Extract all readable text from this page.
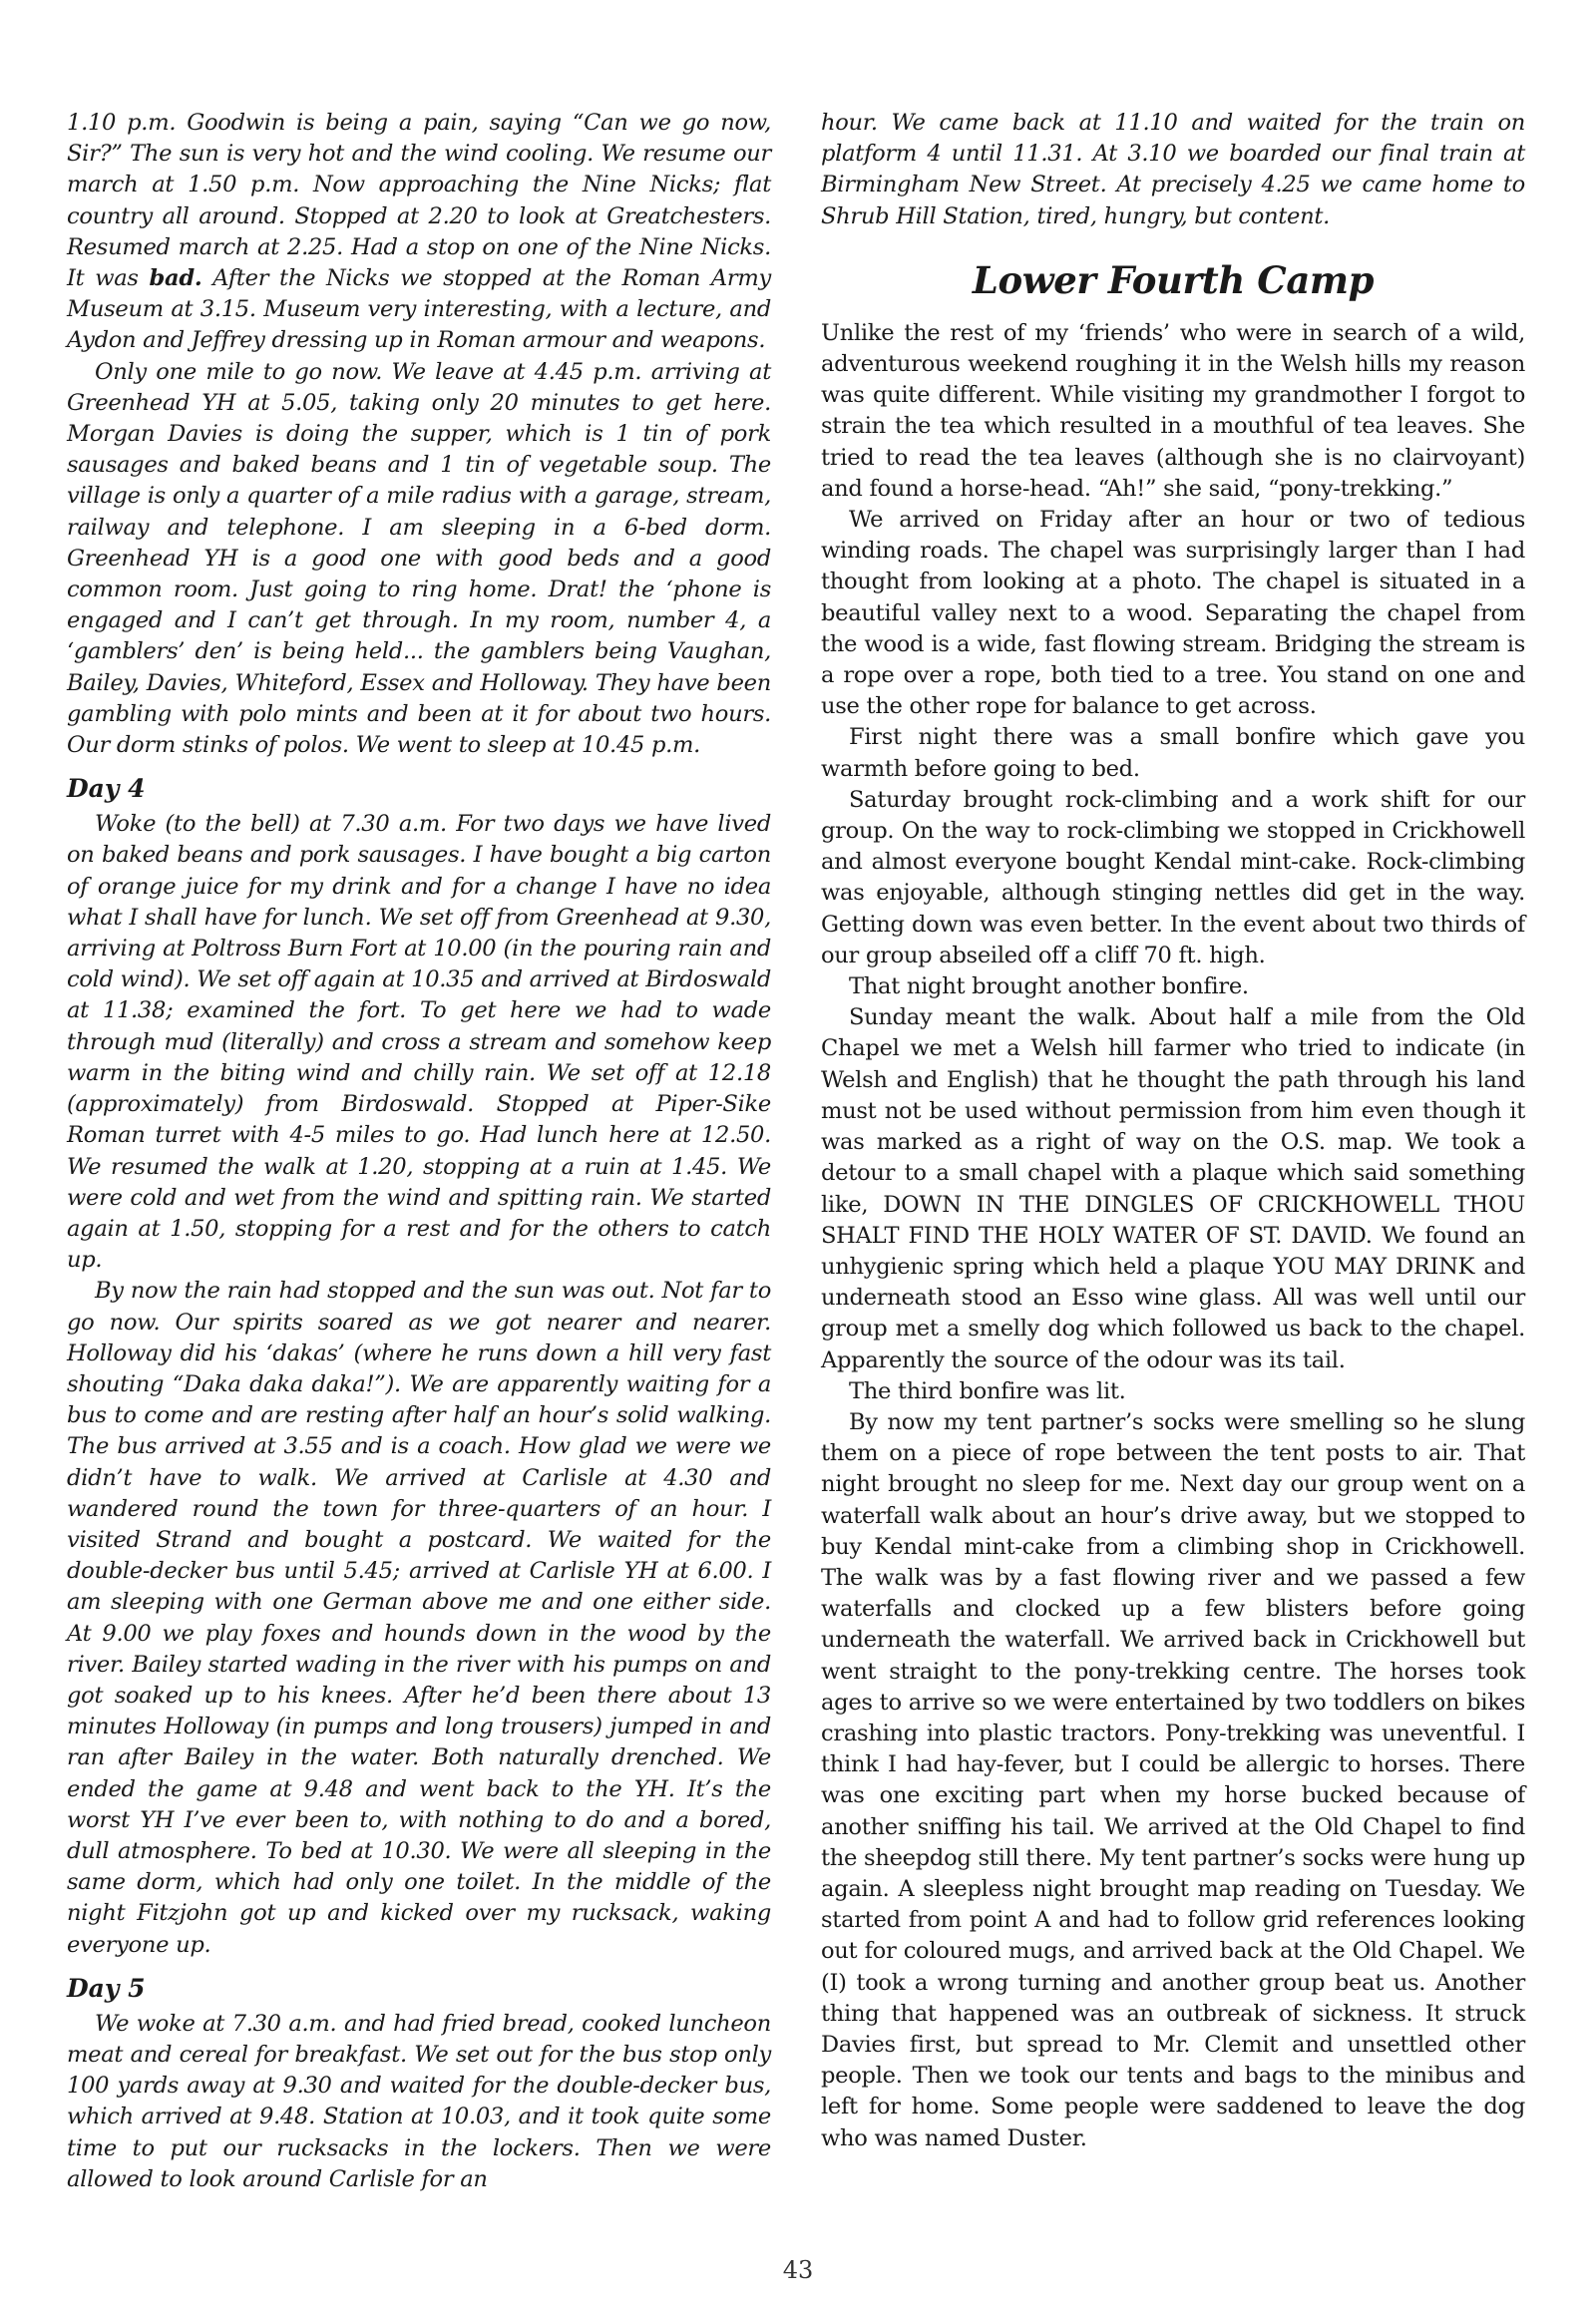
1.10 p.m. Goodwin is being a pain, saying “Can we go now, Sir?” The sun is very hot and the wind cooling. We resume our march at 1.50 p.m. Now approaching the Nine Nicks; flat country all around. Stopped at 2.20 to look at Greatchesters. Resumed march at 2.25. Had a stop on one of the Nine Nicks. It was bad. After the Nicks we stopped at the Roman Army Museum at 3.15. Museum very interesting, with a lecture, and Aydon and Jeffrey dressing up in Roman armour and weapons.

Only one mile to go now. We leave at 4.45 p.m. arriving at Greenhead YH at 5.05, taking only 20 minutes to get here. Morgan Davies is doing the supper, which is 1 tin of pork sausages and baked beans and 1 tin of vegetable soup. The village is only a quarter of a mile radius with a garage, stream, railway and telephone. I am sleeping in a 6-bed dorm. Greenhead YH is a good one with good beds and a good common room. Just going to ring home. Drat! the ‘phone is engaged and I can’t get through. In my room, number 4, a ‘gamblers’ den’ is being held... the gamblers being Vaughan, Bailey, Davies, Whiteford, Essex and Holloway. They have been gambling with polo mints and been at it for about two hours. Our dorm stinks of polos. We went to sleep at 10.45 p.m.

Day 4

Woke (to the bell) at 7.30 a.m. For two days we have lived on baked beans and pork sausages. I have bought a big carton of orange juice for my drink and for a change I have no idea what I shall have for lunch. We set off from Greenhead at 9.30, arriving at Poltross Burn Fort at 10.00 (in the pouring rain and cold wind). We set off again at 10.35 and arrived at Birdoswald at 11.38; examined the fort. To get here we had to wade through mud (literally) and cross a stream and somehow keep warm in the biting wind and chilly rain. We set off at 12.18 (approximately) from Birdoswald. Stopped at Piper-Sike Roman turret with 4-5 miles to go. Had lunch here at 12.50. We resumed the walk at 1.20, stopping at a ruin at 1.45. We were cold and wet from the wind and spitting rain. We started again at 1.50, stopping for a rest and for the others to catch up.

By now the rain had stopped and the sun was out. Not far to go now. Our spirits soared as we got nearer and nearer. Holloway did his ‘dakas’ (where he runs down a hill very fast shouting “Daka daka daka!”). We are apparently waiting for a bus to come and are resting after half an hour’s solid walking. The bus arrived at 3.55 and is a coach. How glad we were we didn’t have to walk. We arrived at Carlisle at 4.30 and wandered round the town for three-quarters of an hour. I visited Strand and bought a postcard. We waited for the double-decker bus until 5.45; arrived at Carlisle YH at 6.00. I am sleeping with one German above me and one either side. At 9.00 we play foxes and hounds down in the wood by the river. Bailey started wading in the river with his pumps on and got soaked up to his knees. After he’d been there about 13 minutes Holloway (in pumps and long trousers) jumped in and ran after Bailey in the water. Both naturally drenched. We ended the game at 9.48 and went back to the YH. It’s the worst YH I’ve ever been to, with nothing to do and a bored, dull atmosphere. To bed at 10.30. We were all sleeping in the same dorm, which had only one toilet. In the middle of the night Fitzjohn got up and kicked over my rucksack, waking everyone up.

Day 5

We woke at 7.30 a.m. and had fried bread, cooked luncheon meat and cereal for breakfast. We set out for the bus stop only 100 yards away at 9.30 and waited for the double-decker bus, which arrived at 9.48. Station at 10.03, and it took quite some time to put our rucksacks in the lockers. Then we were allowed to look around Carlisle for an

hour. We came back at 11.10 and waited for the train on platform 4 until 11.31. At 3.10 we boarded our final train at Birmingham New Street. At precisely 4.25 we came home to Shrub Hill Station, tired, hungry, but content.

Lower Fourth Camp

Unlike the rest of my ‘friends’ who were in search of a wild, adventurous weekend roughing it in the Welsh hills my reason was quite different. While visiting my grandmother I forgot to strain the tea which resulted in a mouthful of tea leaves. She tried to read the tea leaves (although she is no clairvoyant) and found a horse-head. “Ah!” she said, “pony-trekking.”

We arrived on Friday after an hour or two of tedious winding roads. The chapel was surprisingly larger than I had thought from looking at a photo. The chapel is situated in a beautiful valley next to a wood. Separating the chapel from the wood is a wide, fast flowing stream. Bridging the stream is a rope over a rope, both tied to a tree. You stand on one and use the other rope for balance to get across.

First night there was a small bonfire which gave you warmth before going to bed.

Saturday brought rock-climbing and a work shift for our group. On the way to rock-climbing we stopped in Crickhowell and almost everyone bought Kendal mint-cake. Rock-climbing was enjoyable, although stinging nettles did get in the way. Getting down was even better. In the event about two thirds of our group abseiled off a cliff 70 ft. high.

That night brought another bonfire.

Sunday meant the walk. About half a mile from the Old Chapel we met a Welsh hill farmer who tried to indicate (in Welsh and English) that he thought the path through his land must not be used without permission from him even though it was marked as a right of way on the O.S. map. We took a detour to a small chapel with a plaque which said something like, DOWN IN THE DINGLES OF CRICKHOWELL THOU SHALT FIND THE HOLY WATER OF ST. DAVID. We found an unhygienic spring which held a plaque YOU MAY DRINK and underneath stood an Esso wine glass. All was well until our group met a smelly dog which followed us back to the chapel. Apparently the source of the odour was its tail.

The third bonfire was lit.

By now my tent partner’s socks were smelling so he slung them on a piece of rope between the tent posts to air. That night brought no sleep for me. Next day our group went on a waterfall walk about an hour’s drive away, but we stopped to buy Kendal mint-cake from a climbing shop in Crickhowell. The walk was by a fast flowing river and we passed a few waterfalls and clocked up a few blisters before going underneath the waterfall. We arrived back in Crickhowell but went straight to the pony-trekking centre. The horses took ages to arrive so we were entertained by two toddlers on bikes crashing into plastic tractors. Pony-trekking was uneventful. I think I had hay-fever, but I could be allergic to horses. There was one exciting part when my horse bucked because of another sniffing his tail. We arrived at the Old Chapel to find the sheepdog still there. My tent partner’s socks were hung up again. A sleepless night brought map reading on Tuesday. We started from point A and had to follow grid references looking out for coloured mugs, and arrived back at the Old Chapel. We (I) took a wrong turning and another group beat us. Another thing that happened was an outbreak of sickness. It struck Davies first, but spread to Mr. Clemit and unsettled other people. Then we took our tents and bags to the minibus and left for home. Some people were saddened to leave the dog who was named Duster.

43
